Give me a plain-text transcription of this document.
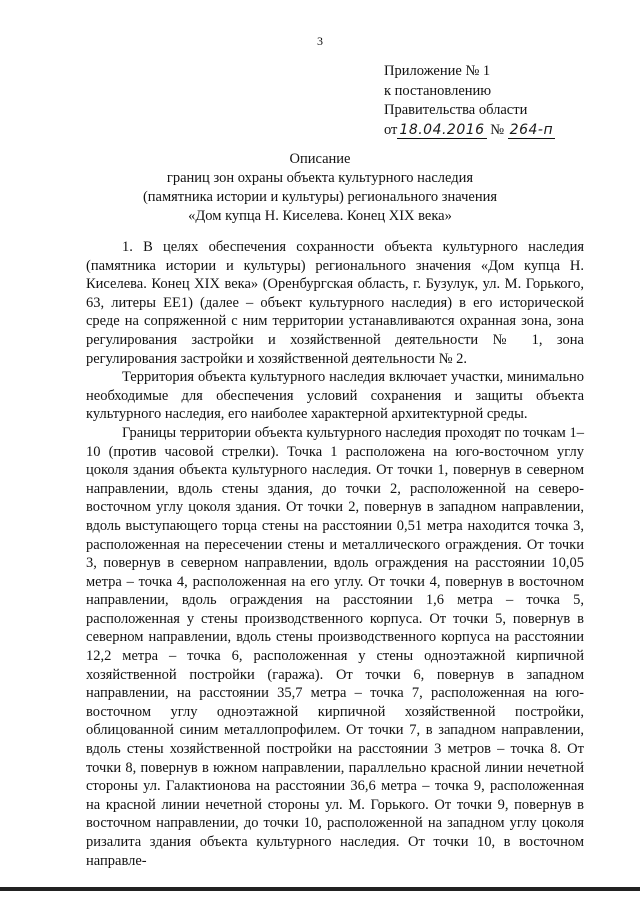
3
Приложение № 1
к постановлению
Правительства области
от 18.04.2016 № 264-п
Описание
границ зон охраны объекта культурного наследия
(памятника истории и культуры) регионального значения
«Дом купца Н. Киселева. Конец XIX века»

1. В целях обеспечения сохранности объекта культурного наследия (памятника истории и культуры) регионального значения «Дом купца Н. Киселева. Конец XIX века» (Оренбургская область, г. Бузулук, ул. М. Горького, 63, литеры ЕЕ1) (далее – объект культурного наследия) в его исторической среде на сопряженной с ним территории устанавливаются охранная зона, зона регулирования застройки и хозяйственной деятельности № 1, зона регулирования застройки и хозяйственной деятельности № 2.

Территория объекта культурного наследия включает участки, минимально необходимые для обеспечения условий сохранения и защиты объекта культурного наследия, его наиболее характерной архитектурной среды.

Границы территории объекта культурного наследия проходят по точкам 1–10 (против часовой стрелки). Точка 1 расположена на юго-восточном углу цоколя здания объекта культурного наследия. От точки 1, повернув в северном направлении, вдоль стены здания, до точки 2, расположенной на северо-восточном углу цоколя здания. От точки 2, повернув в западном направлении, вдоль выступающего торца стены на расстоянии 0,51 метра находится точка 3, расположенная на пересечении стены и металлического ограждения. От точки 3, повернув в северном направлении, вдоль ограждения на расстоянии 10,05 метра – точка 4, расположенная на его углу. От точки 4, повернув в восточном направлении, вдоль ограждения на расстоянии 1,6 метра – точка 5, расположенная у стены производственного корпуса. От точки 5, повернув в северном направлении, вдоль стены производственного корпуса на расстоянии 12,2 метра – точка 6, расположенная у стены одноэтажной кирпичной хозяйственной постройки (гаража). От точки 6, повернув в западном направлении, на расстоянии 35,7 метра – точка 7, расположенная на юго-восточном углу одноэтажной кирпичной хозяйственной постройки, облицованной синим металлопрофилем. От точки 7, в западном направлении, вдоль стены хозяйственной постройки на расстоянии 3 метров – точка 8. От точки 8, повернув в южном направлении, параллельно красной линии нечетной стороны ул. Галактионова на расстоянии 36,6 метра – точка 9, расположенная на красной линии нечетной стороны ул. М. Горького. От точки 9, повернув в восточном направлении, до точки 10, расположенной на западном углу цоколя ризалита здания объекта культурного наследия. От точки 10, в восточном направле-
